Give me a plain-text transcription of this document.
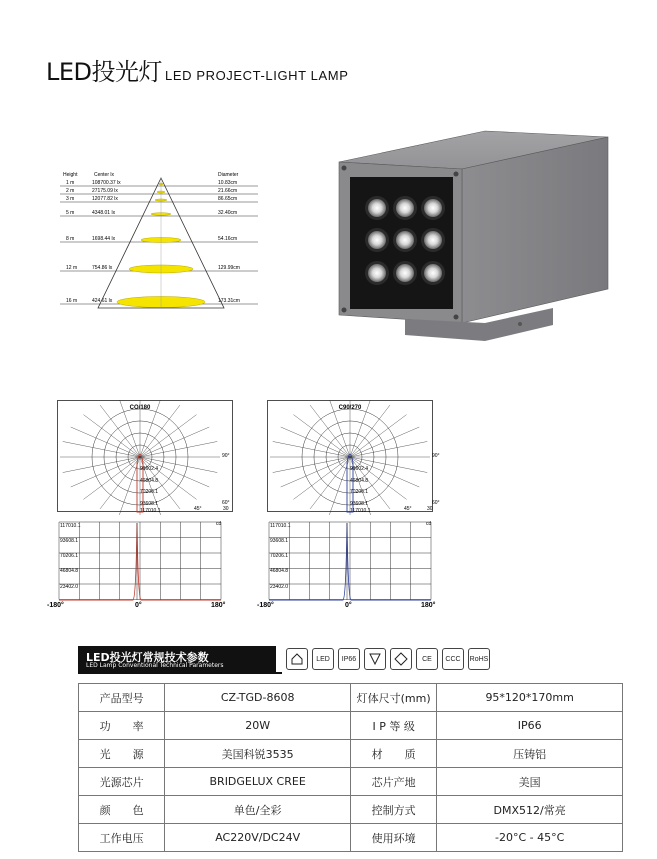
LED投光灯 LED PROJECT-LIGHT LAMP
Height	Center lx	Diameter
1 m	108700.37 lx	10.83cm
2 m	27175.09 lx	21.66cm
3 m	12077.82 lx	86.65cm
5 m	4348.01 lx	32.40cm
8 m	1698.44 lx	54.16cm
12 m	754.86 lx	129.99cm
16 m	424.61 lx	173.31cm
CO/180
93602.4
46804.8
70206.1
93608.1
117010.1
90°
60°
45°	30
C90/270
93602.4
46804.8
70206.1
93608.1
117010.1
90°
60°
45°	30
117010.1
93608.1
70206.1
46804.8
23402.0
cd
-180°	0°	180°
117010.1
93608.1
70206.1
46804.8
23402.0
cd
-180°	0°	180°
LED投光灯常规技术参数
LED Lamp Conventional Technical Parameters
LED	IP66	CE	CCC	RoHS
产品型号	CZ-TGD-8608	灯体尺寸(mm)	95*120*170mm
功　　率	20W	I P 等 级	IP66
光　　源	美国科锐3535	材　　质	压铸铝
光源芯片	BRIDGELUX CREE	芯片产地	美国
颜　　色	单色/全彩	控制方式	DMX512/常亮
工作电压	AC220V/DC24V	使用环境	-20°C - 45°C
